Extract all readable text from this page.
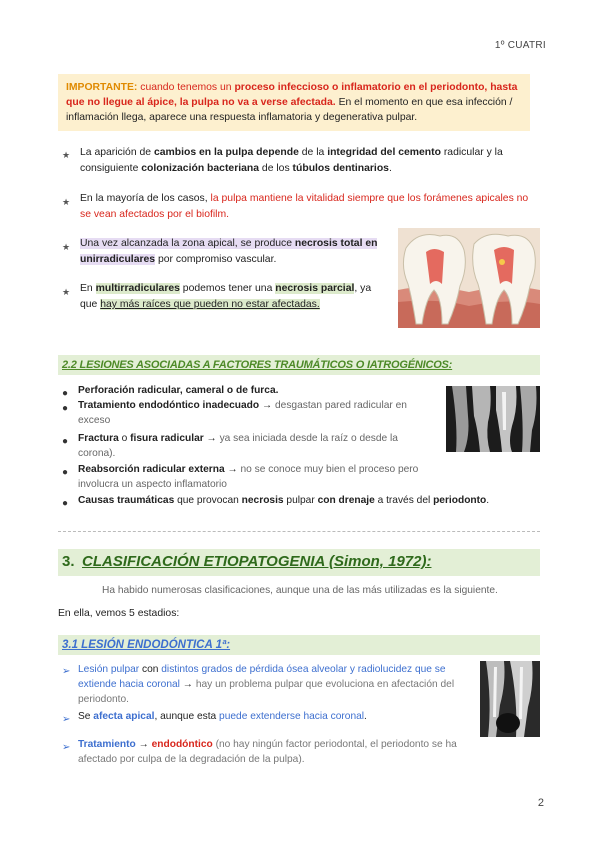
1º CUATRI
IMPORTANTE: cuando tenemos un proceso infeccioso o inflamatorio en el periodonto, hasta que no llegue al ápice, la pulpa no va a verse afectada. En el momento en que esa infección / inflamación llega, aparece una respuesta inflamatoria y degenerativa pulpar.
★ La aparición de cambios en la pulpa depende de la integridad del cemento radicular y la consiguiente colonización bacteriana de los túbulos dentinarios.
★ En la mayoría de los casos, la pulpa mantiene la vitalidad siempre que los forámenes apicales no se vean afectados por el biofilm.
★ Una vez alcanzada la zona apical, se produce necrosis total en unirradiculares por compromiso vascular.
★ En multirradiculares podemos tener una necrosis parcial, ya que hay más raíces que pueden no estar afectadas.
2.2 LESIONES ASOCIADAS A FACTORES TRAUMÁTICOS O IATROGÉNICOS:
● Perforación radicular, cameral o de furca.
● Tratamiento endodóntico inadecuado → desgastan pared radicular en exceso
● Fractura o fisura radicular → ya sea iniciada desde la raíz o desde la corona).
● Reabsorción radicular externa → no se conoce muy bien el proceso pero involucra un aspecto inflamatorio
● Causas traumáticas que provocan necrosis pulpar con drenaje a través del periodonto.
3. CLASIFICACIÓN ETIOPATOGENIA (Simon, 1972):
Ha habido numerosas clasificaciones, aunque una de las más utilizadas es la siguiente.
En ella, vemos 5 estadios:
3.1 LESIÓN ENDODÓNTICA 1ª:
➢ Lesión pulpar con distintos grados de pérdida ósea alveolar y radiolucidez que se extiende hacia coronal → hay un problema pulpar que evoluciona en afectación del periodonto.
➢ Se afecta apical, aunque esta puede extenderse hacia coronal.
➢ Tratamiento → endodóntico (no hay ningún factor periodontal, el periodonto se ha afectado por culpa de la degradación de la pulpa).
2
